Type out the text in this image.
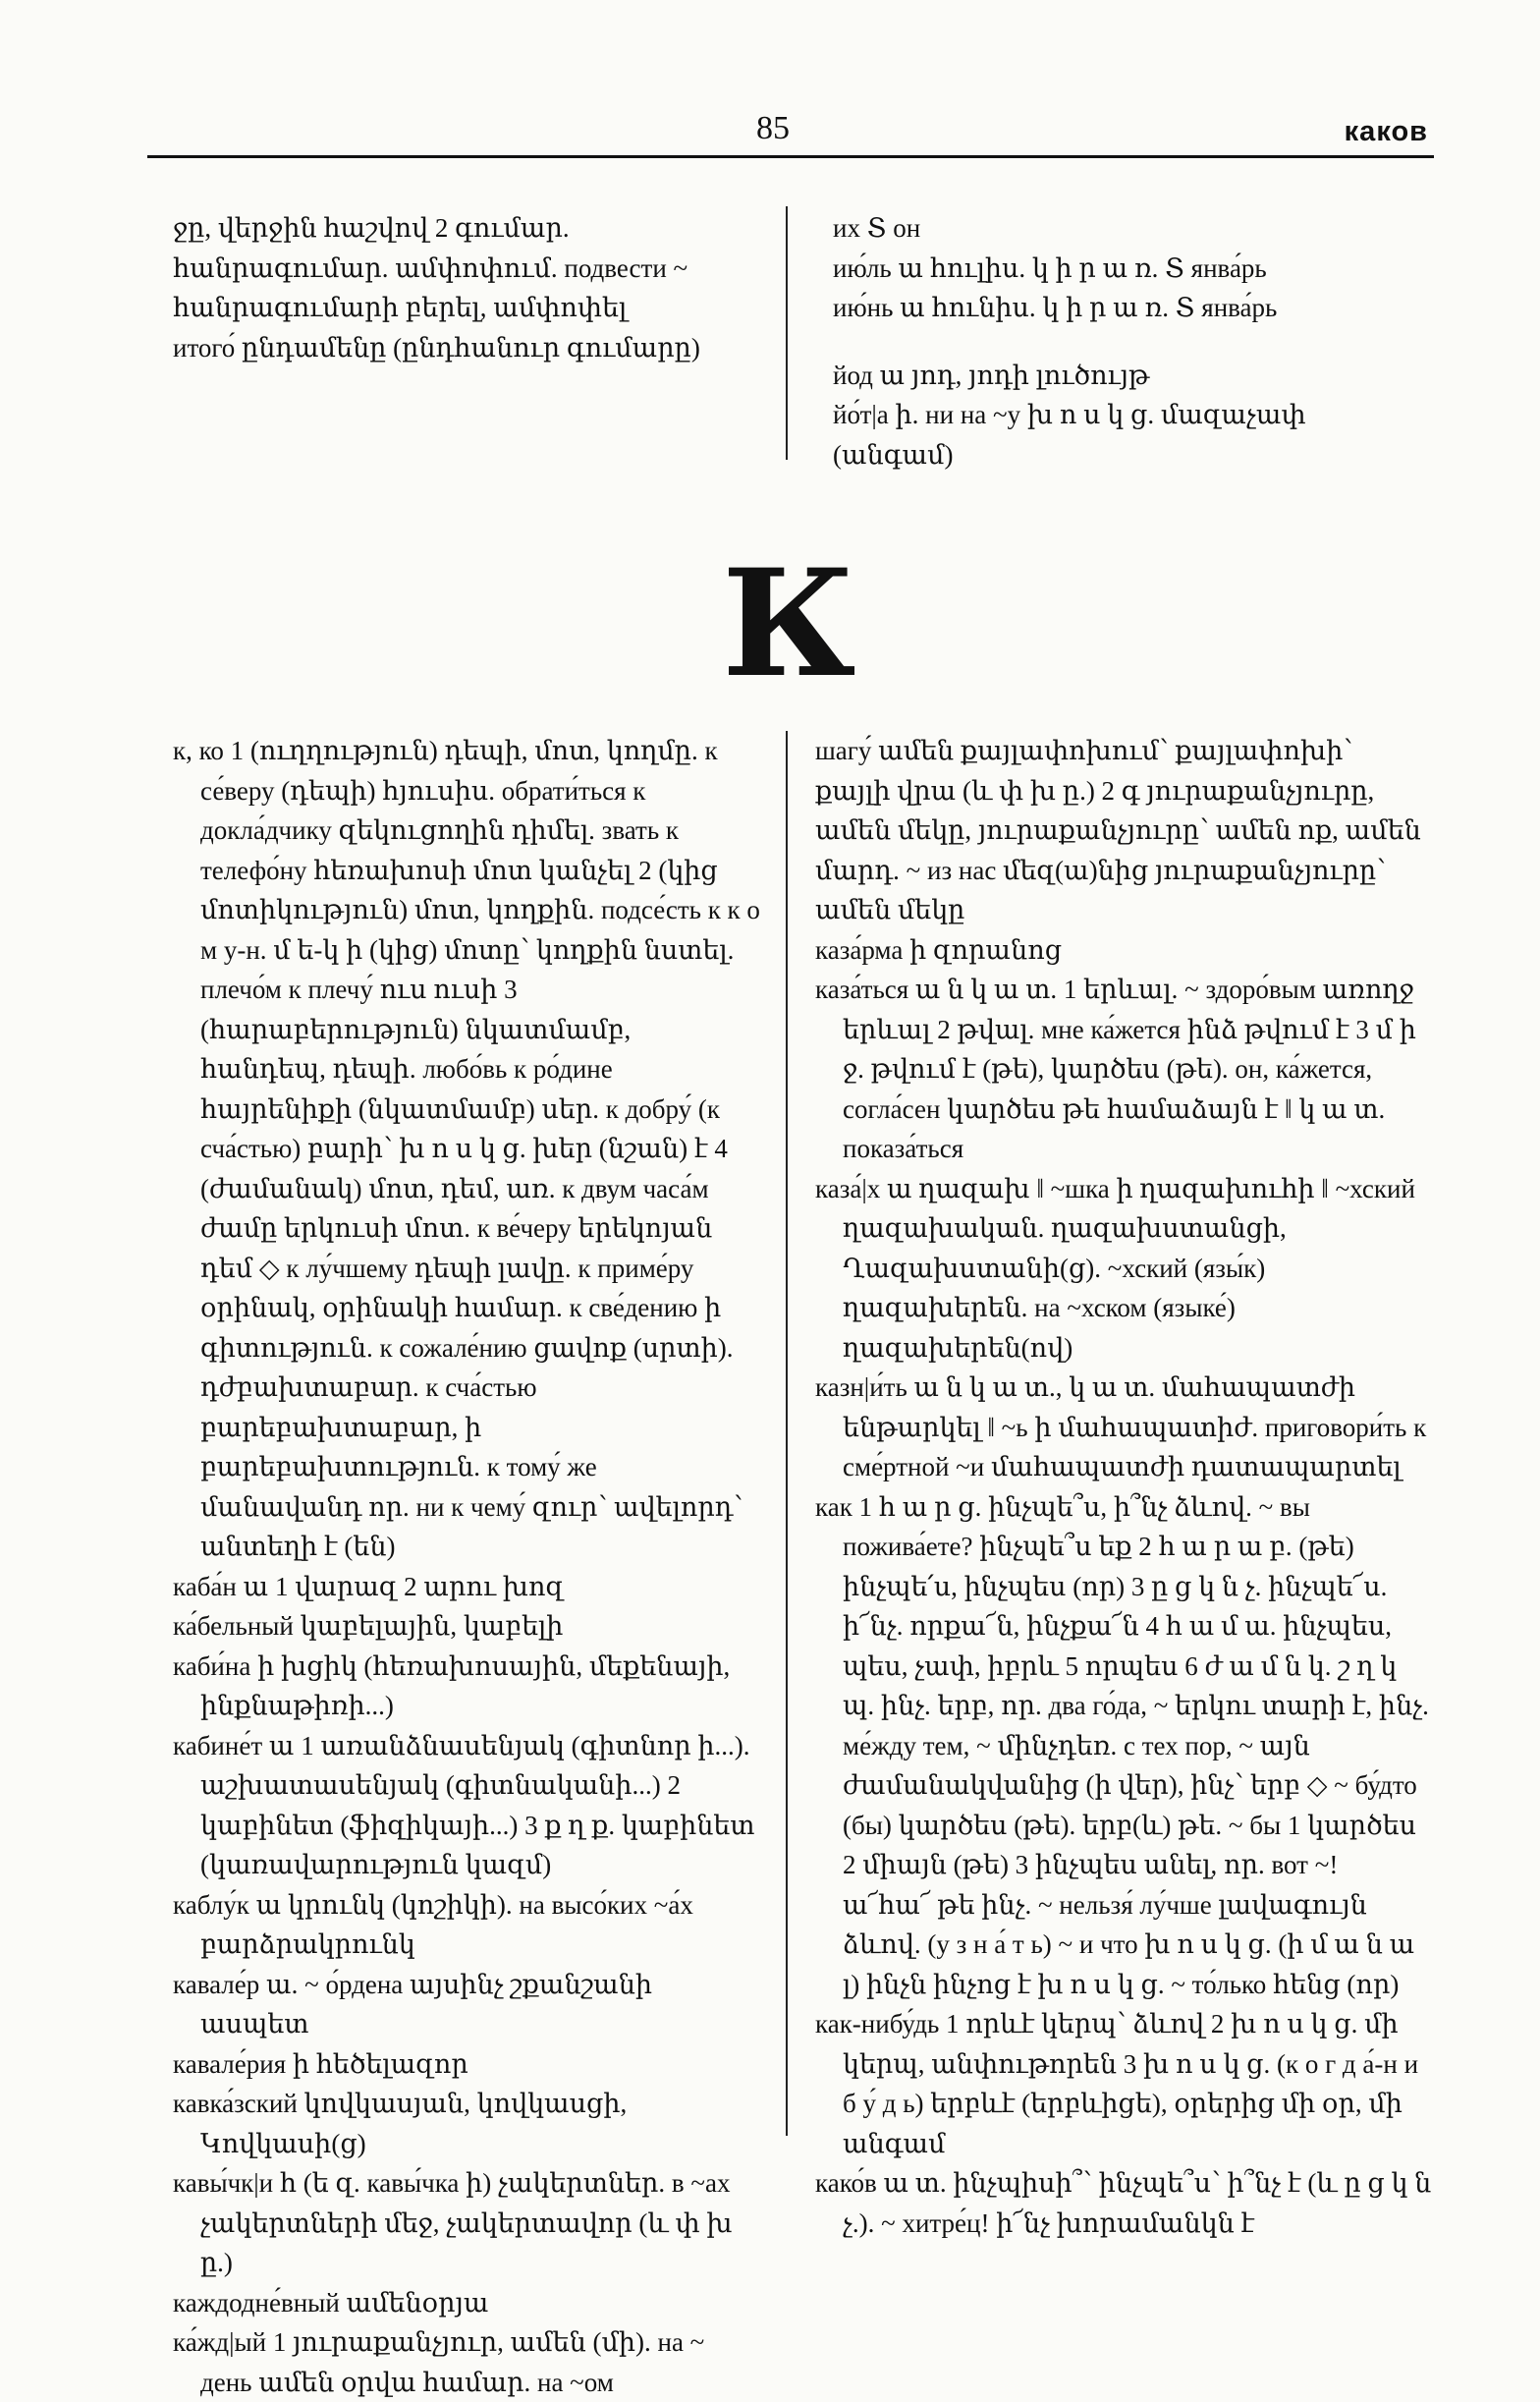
85	каков

ջը, վերջին հաշվով 2 գումար. հանրագումար. ամփոփում. подвести ~ հանրագումարի բերել, ամփոփել

итого́ ընդամենը (ընդհանուր գումարը)

их Տ он

ию́ль ա հուլիս. կ ի ր ա ռ. Տ янва́рь

ию́нь ա հունիս. կ ի ր ա ռ. Տ янва́рь

йод ա յոդ, յոդի լուծույթ

йо́т|а ի. ни на ~у խ ո ս կ ց. մազաչափ (անգամ)

К

к, ко 1 (ուղղություն) դեպի, մոտ, կողմը. к се́веру (դեպի) հյուսիս. обрати́ться к докла́дчику զեկուցողին դիմել. звать к телефо́ну հեռախոսի մոտ կանչել 2 (կից մոտիկություն) մոտ, կողքին. подсе́сть к к о м у-н. մ ե-կ ի (կից) մոտը՝ կողքին նստել. плечо́м к плечу́ ուս ուսի 3 (հարաբերություն) նկատմամբ, հանդեպ, դեպի. любо́вь к ро́дине հայրենիքի (նկատմամբ) սեր. к добру́ (к сча́стью) բարի՝ խ ո ս կ ց. խեր (նշան) է 4 (ժամանակ) մոտ, դեմ, առ. к двум часа́м ժամը երկուսի մոտ. к ве́черу երեկոյան դեմ ◇ к лу́чшему դեպի լավը. к приме́ру օրինակ, օրինակի համար. к све́дению ի գիտություն. к сожале́нию ցավոք (սրտի). դժբախտաբար. к сча́стью բարեբախտաբար, ի բարեբախտություն. к тому́ же մանավանդ որ. ни к чему́ զուր՝ ավելորդ՝ անտեղի է (են)

каба́н ա 1 վարազ 2 արու խոզ

ка́бельный կաբելային, կաբելի

каби́на ի խցիկ (հեռախոսային, մեքենայի, ինքնաթիռի...)

кабине́т ա 1 առանձնասենյակ (գիտնոր ի...). աշխատասենյակ (գիտնականի...) 2 կաբինետ (ֆիզիկայի...) 3 ք ղ ք. կաբինետ (կառավարություն կազմ)

каблу́к ա կրունկ (կոշիկի). на высо́ких ~а́х բարձրակրունկ

кавале́р ա. ~ о́рдена այսինչ շքանշանի ասպետ

кавале́рия ի հեծելազոր

кавка́зский կովկասյան, կովկասցի, Կովկասի(ց)

кавы́чк|и հ (ե զ. кавы́чка ի) չակերտներ. в ~ах չակերտների մեջ, չակերտավոր (և փ խ ը.)

каждодне́вный ամենօրյա

ка́жд|ый 1 յուրաքանչյուր, ամեն (մի). на ~ день ամեն օրվա համար. на ~ом

шагу́ ամեն քայլափոխում՝ քայլափոխի՝ քայլի վրա (և փ խ ը.) 2 գ յուրաքանչյուրը, ամեն մեկը, յուրաքանչյուրը՝ ամեն ոք, ամեն մարդ. ~ из нас մեզ(ա)նից յուրաքանչյուրը՝ ամեն մեկը

каза́рма ի զորանոց

каза́ться ա ն կ ա տ. 1 երևալ. ~ здоро́вым առողջ երևալ 2 թվալ. мне ка́жется ինձ թվում է 3 մ ի ջ. թվում է (թե), կարծես (թե). он, ка́жется, согла́сен կարծես թե համաձայն է ‖ կ ա տ. показа́ться

каза́|х ա ղազախ ‖ ~шка ի ղազախուհի ‖ ~хский ղազախական. ղազախստանցի, Ղազախստանի(ց). ~хский (язы́к) ղազախերեն. на ~хском (языке́) ղազախերեն(ով)

казн|и́ть ա ն կ ա տ., կ ա տ. մահապատժի ենթարկել ‖ ~ь ի մահապատիժ. приговори́ть к сме́ртной ~и մահապատժի դատապարտել

как 1 հ ա ր ց. ինչպե՞ս, ի՞նչ ձևով. ~ вы пожива́ете? ինչպե՞ս եք 2 հ ա ր ա բ. (թե) ինչպե՛ս, ինչպես (որ) 3 ը ց կ ն չ. ինչպե՜ս. ի՜նչ. որքա՜ն, ինչքա՜ն 4 հ ա մ ա. ինչպես, պես, չափ, իբրև 5 որպես 6 ժ ա մ ն կ. շ ղ կ պ. ինչ. երբ, որ. два го́да, ~ երկու տարի է, ինչ. ме́жду тем, ~ մինչդեռ. с тех пор, ~ այն ժամանակվանից (ի վեր), ինչ՝ երբ ◇ ~ бу́дто (бы) կարծես (թե). երբ(և) թե. ~ бы 1 կարծես 2 միայն (թե) 3 ինչպես անել, որ. вот ~! ա՜հա՜ թե ինչ. ~ нельзя́ лу́чше լավագույն ձևով. (у з н а́ т ь) ~ и что խ ո ս կ ց. (ի մ ա ն ա լ) ինչն ինչոց է խ ո ս կ ց. ~ то́лько հենց (որ)

как-нибу́дь 1 որևէ կերպ՝ ձևով 2 խ ո ս կ ց. մի կերպ, անփութորեն 3 խ ո ս կ ց. (к о г д а́-н и б у́ д ь) երբևէ (երբևիցե), օրերից մի օր, մի անգամ

како́в ա տ. ինչպիսի՞՝ ինչպե՞ս՝ ի՞նչ է (և ը ց կ ն չ.). ~ хитре́ц! ի՜նչ խորամանկն է
